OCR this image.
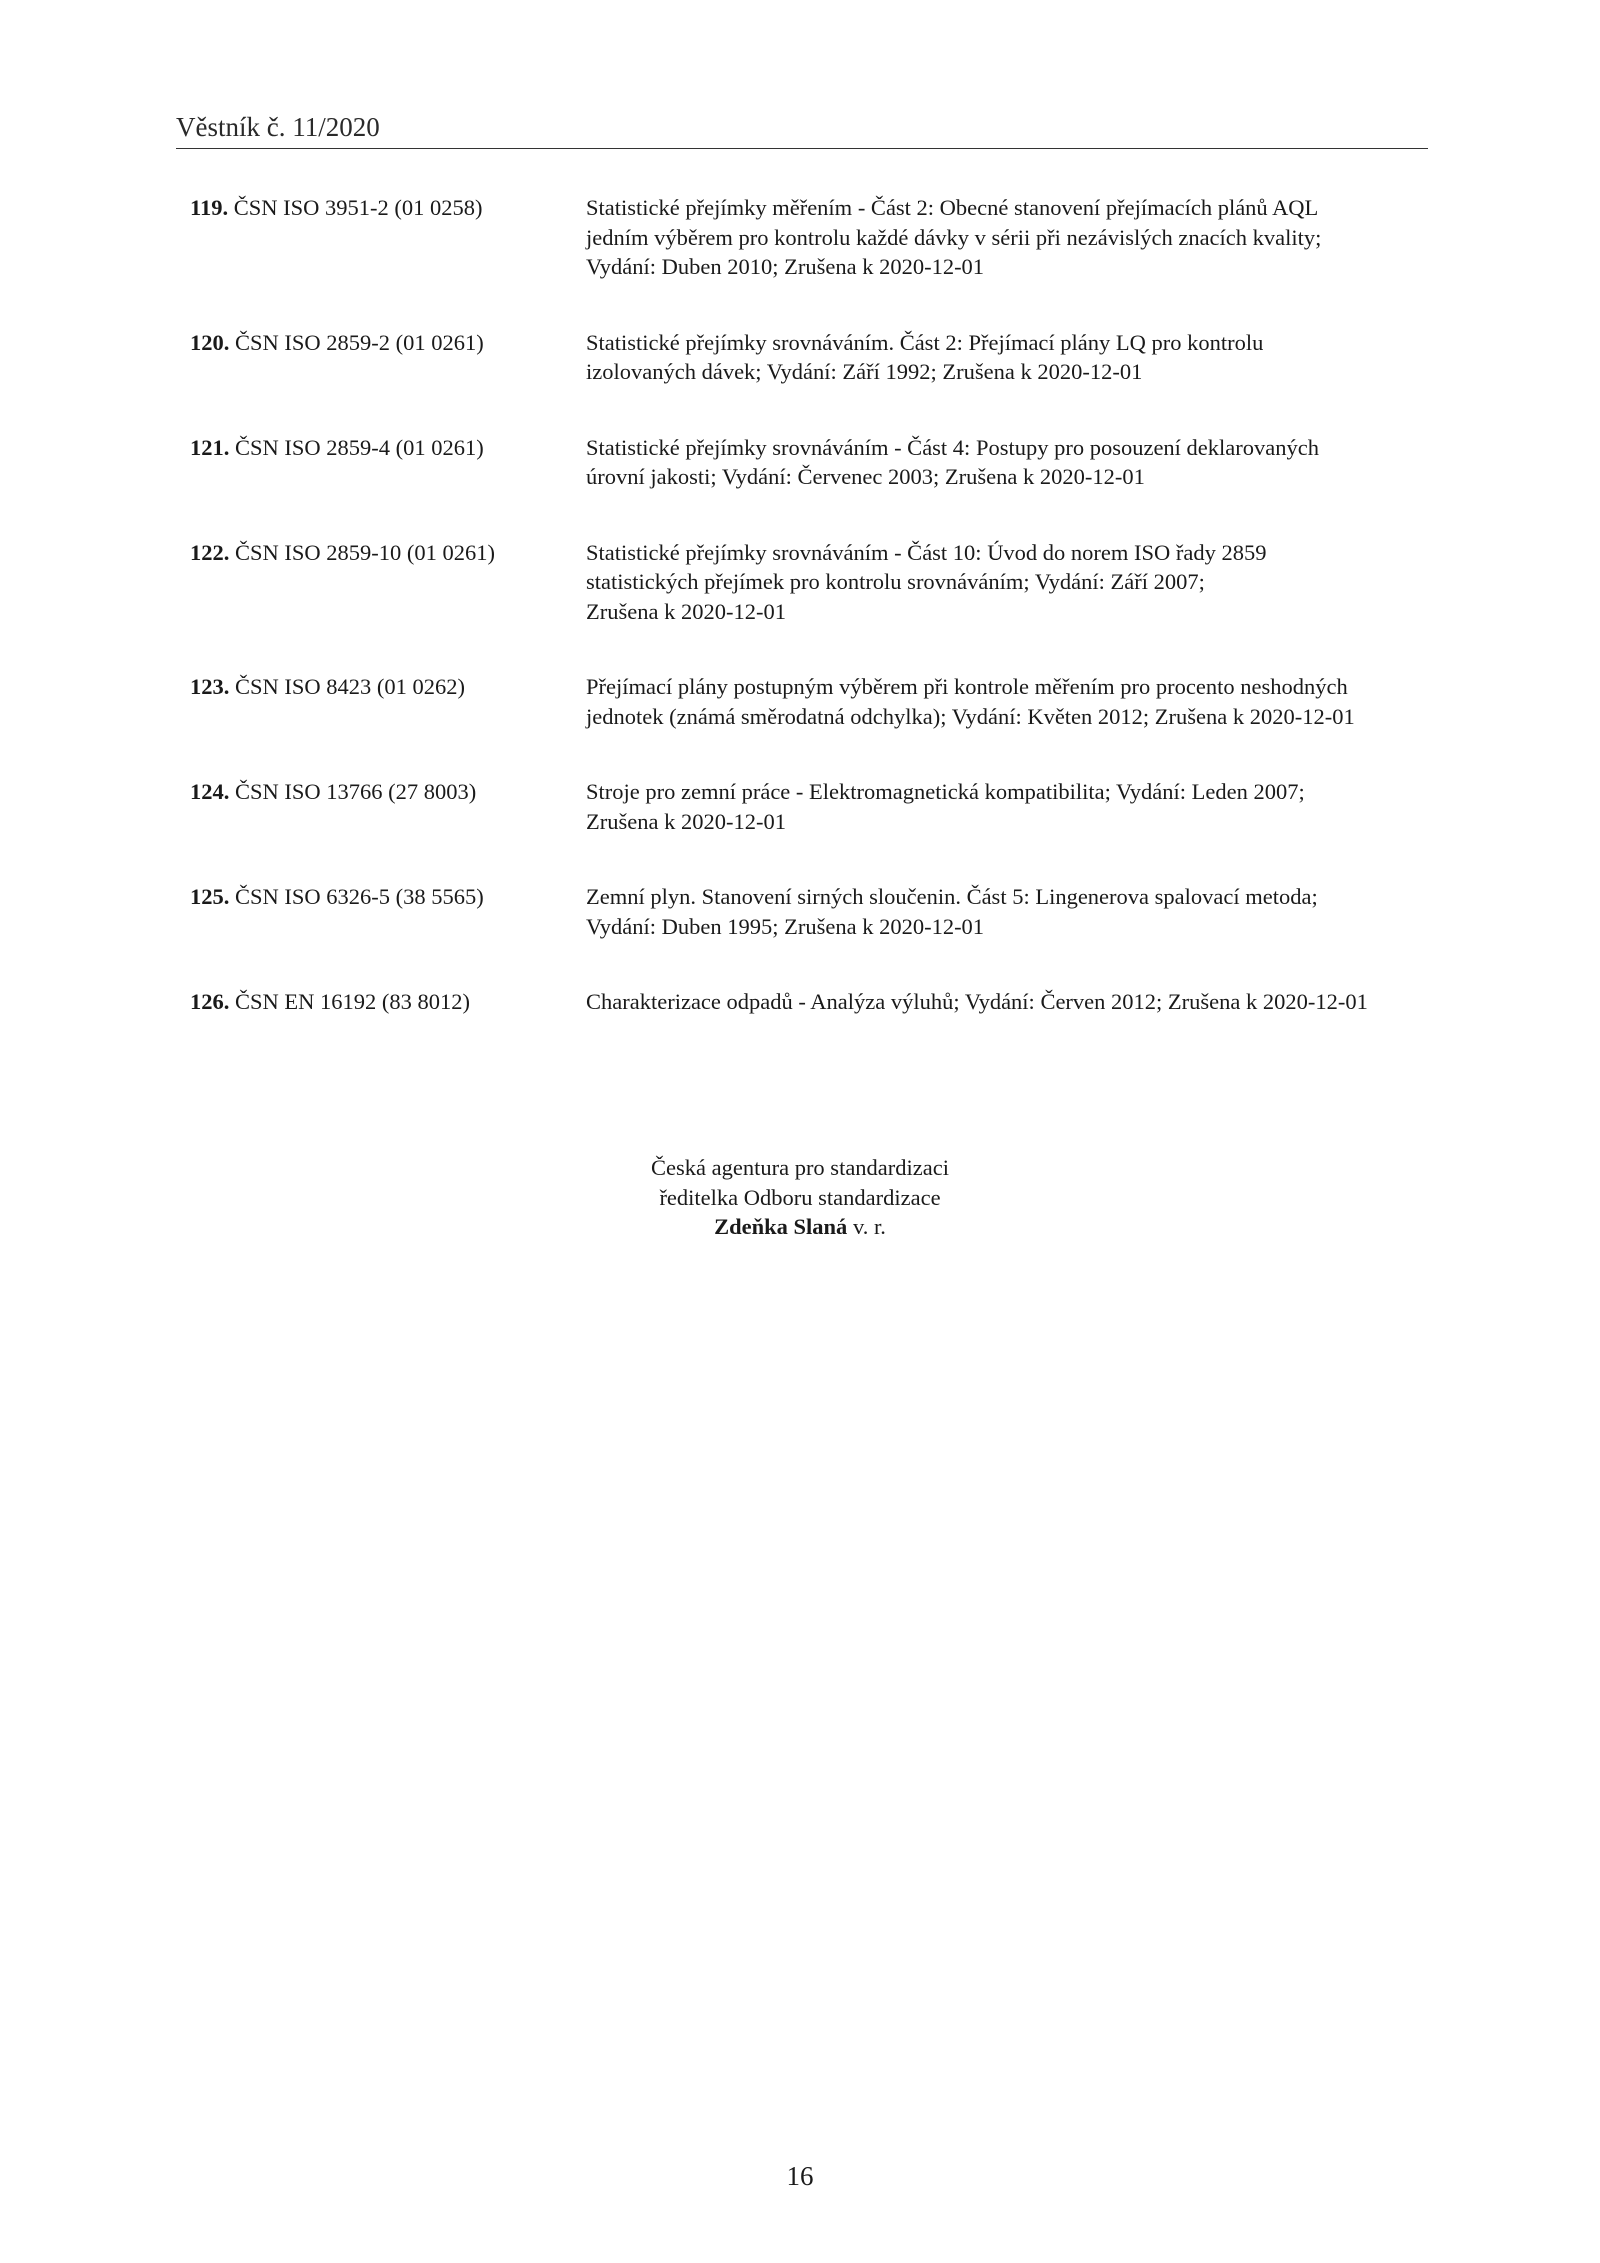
Věstník č. 11/2020
119. ČSN ISO 3951-2 (01 0258)	Statistické přejímky měřením - Část 2: Obecné stanovení přejímacích plánů AQL
jedním výběrem pro kontrolu každé dávky v sérii při nezávislých znacích kvality;
Vydání: Duben 2010; Zrušena k 2020-12-01
120. ČSN ISO 2859-2 (01 0261)	Statistické přejímky srovnáváním. Část 2: Přejímací plány LQ pro kontrolu
izolovaných dávek; Vydání: Září 1992; Zrušena k 2020-12-01
121. ČSN ISO 2859-4 (01 0261)	Statistické přejímky srovnáváním - Část 4: Postupy pro posouzení deklarovaných
úrovní jakosti; Vydání: Červenec 2003; Zrušena k 2020-12-01
122. ČSN ISO 2859-10 (01 0261)	Statistické přejímky srovnáváním - Část 10: Úvod do norem ISO řady 2859
statistických přejímek pro kontrolu srovnáváním; Vydání: Září 2007;
Zrušena k 2020-12-01
123. ČSN ISO 8423 (01 0262)	Přejímací plány postupným výběrem při kontrole měřením pro procento neshodných
jednotek (známá směrodatná odchylka); Vydání: Květen 2012; Zrušena k 2020-12-01
124. ČSN ISO 13766 (27 8003)	Stroje pro zemní práce - Elektromagnetická kompatibilita; Vydání: Leden 2007;
Zrušena k 2020-12-01
125. ČSN ISO 6326-5 (38 5565)	Zemní plyn. Stanovení sirných sloučenin. Část 5: Lingenerova spalovací metoda;
Vydání: Duben 1995; Zrušena k 2020-12-01
126. ČSN EN 16192 (83 8012)	Charakterizace odpadů - Analýza výluhů; Vydání: Červen 2012; Zrušena k 2020-12-01
Česká agentura pro standardizaci
ředitelka Odboru standardizace
Zdeňka Slaná v. r.
16
